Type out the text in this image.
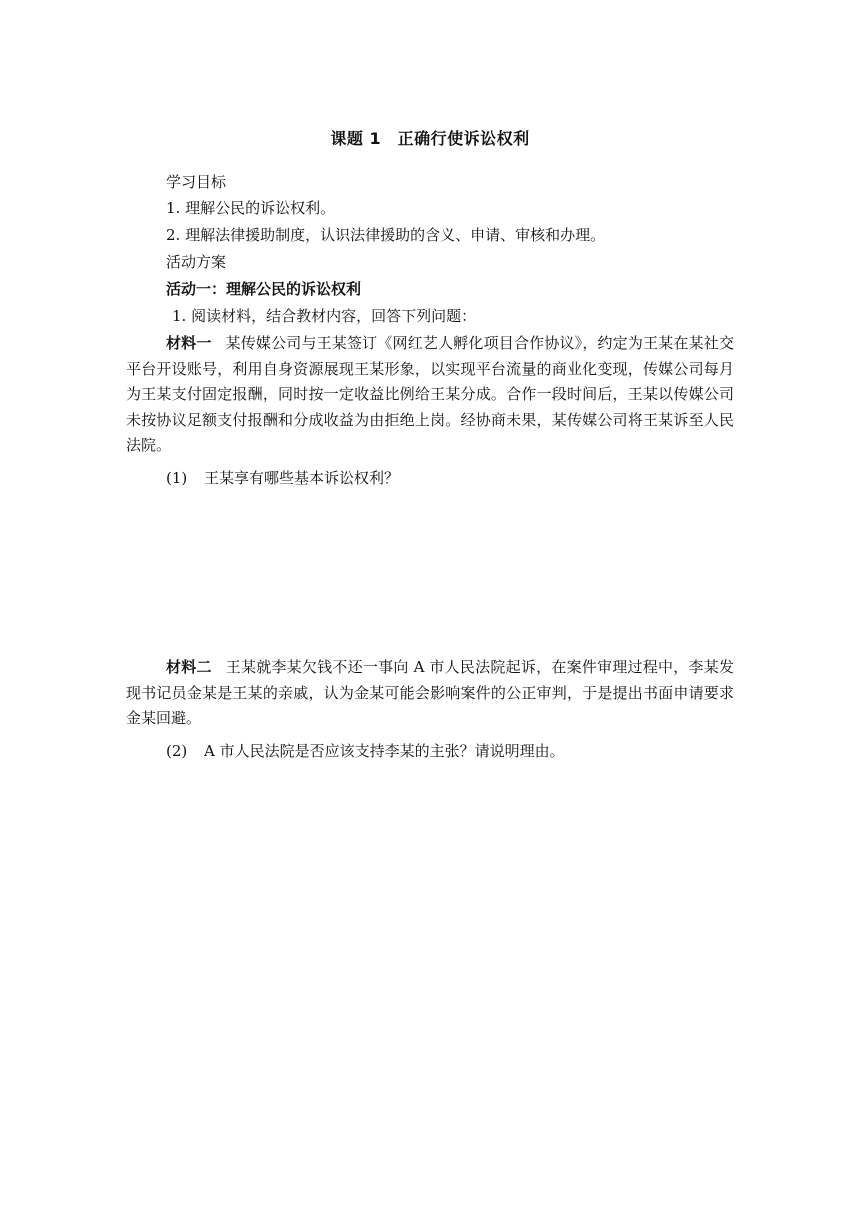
课题 1　正确行使诉讼权利
学习目标
1. 理解公民的诉讼权利。
2. 理解法律援助制度，认识法律援助的含义、申请、审核和办理。
活动方案
活动一：理解公民的诉讼权利
1. 阅读材料，结合教材内容，回答下列问题：
材料一 某传媒公司与王某签订《网红艺人孵化项目合作协议》，约定为王某在某社交平台开设账号，利用自身资源展现王某形象，以实现平台流量的商业化变现，传媒公司每月为王某支付固定报酬，同时按一定收益比例给王某分成。合作一段时间后，王某以传媒公司未按协议足额支付报酬和分成收益为由拒绝上岗。经协商未果，某传媒公司将王某诉至人民法院。
(1) 王某享有哪些基本诉讼权利？
材料二 王某就李某欠钱不还一事向 A 市人民法院起诉，在案件审理过程中，李某发现书记员金某是王某的亲戚，认为金某可能会影响案件的公正审判，于是提出书面申请要求金某回避。
(2) A 市人民法院是否应该支持李某的主张？请说明理由。
